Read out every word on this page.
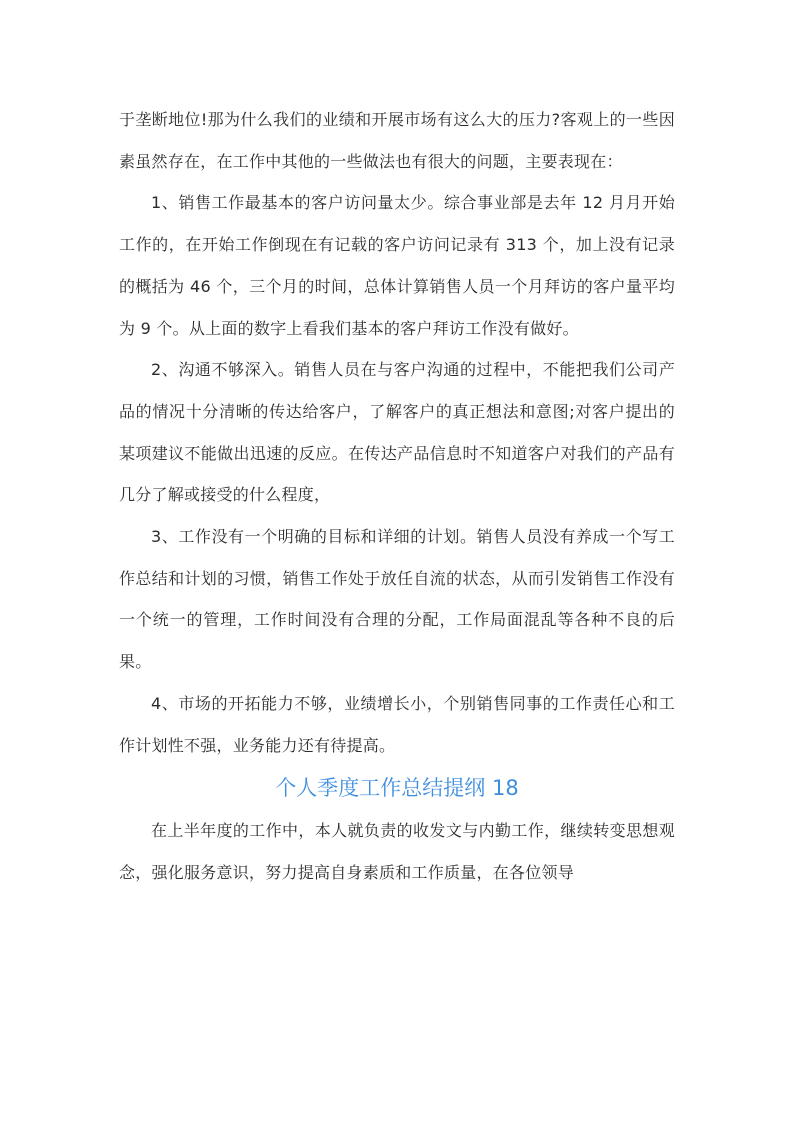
于垄断地位!那为什么我们的业绩和开展市场有这么大的压力?客观上的一些因素虽然存在，在工作中其他的一些做法也有很大的问题，主要表现在：

1、销售工作最基本的客户访问量太少。综合事业部是去年 12 月月开始工作的，在开始工作倒现在有记载的客户访问记录有 313 个，加上没有记录的概括为 46 个，三个月的时间，总体计算销售人员一个月拜访的客户量平均为 9 个。从上面的数字上看我们基本的客户拜访工作没有做好。

2、沟通不够深入。销售人员在与客户沟通的过程中，不能把我们公司产品的情况十分清晰的传达给客户，了解客户的真正想法和意图;对客户提出的某项建议不能做出迅速的反应。在传达产品信息时不知道客户对我们的产品有几分了解或接受的什么程度，

3、工作没有一个明确的目标和详细的计划。销售人员没有养成一个写工作总结和计划的习惯，销售工作处于放任自流的状态，从而引发销售工作没有一个统一的管理，工作时间没有合理的分配，工作局面混乱等各种不良的后果。

4、市场的开拓能力不够，业绩增长小，个别销售同事的工作责任心和工作计划性不强，业务能力还有待提高。

个人季度工作总结提纲 18

在上半年度的工作中，本人就负责的收发文与内勤工作，继续转变思想观念，强化服务意识，努力提高自身素质和工作质量，在各位领导
